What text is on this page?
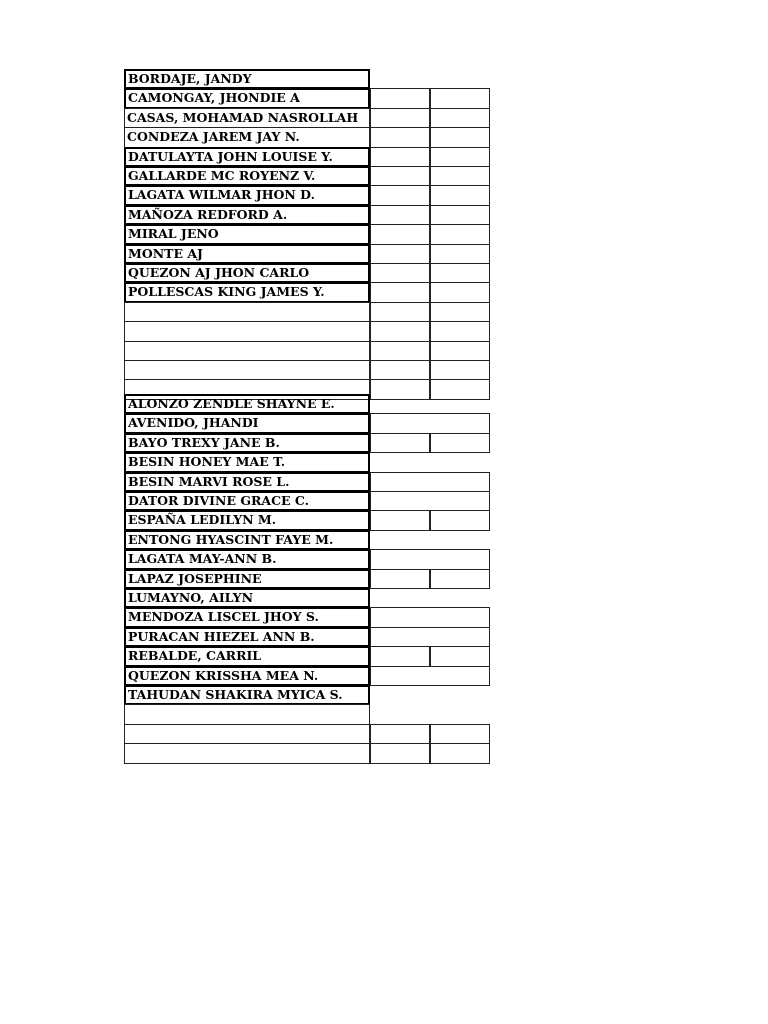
BORDAJE, JANDY
CAMONGAY, JHONDIE A
CASAS, MOHAMAD NASROLLAH
CONDEZA JAREM JAY N.
DATULAYTA JOHN LOUISE Y.
GALLARDE MC ROYENZ V.
LAGATA WILMAR JHON D.
MAÑOZA REDFORD A.
MIRAL JENO
MONTE AJ
QUEZON AJ JHON CARLO
POLLESCAS KING JAMES Y.
ALONZO ZENDLE SHAYNE E.
AVENIDO, JHANDI
BAYO TREXY JANE B.
BESIN HONEY MAE T.
BESIN MARVI ROSE L.
DATOR DIVINE GRACE C.
ESPAÑA LEDILYN M.
ENTONG HYASCINT FAYE M.
LAGATA MAY-ANN B.
LAPAZ JOSEPHINE
LUMAYNO, AILYN
MENDOZA LISCEL JHOY S.
PURACAN HIEZEL ANN B.
REBALDE, CARRIL
QUEZON KRISSHA MEA N.
TAHUDAN SHAKIRA MYICA S.
